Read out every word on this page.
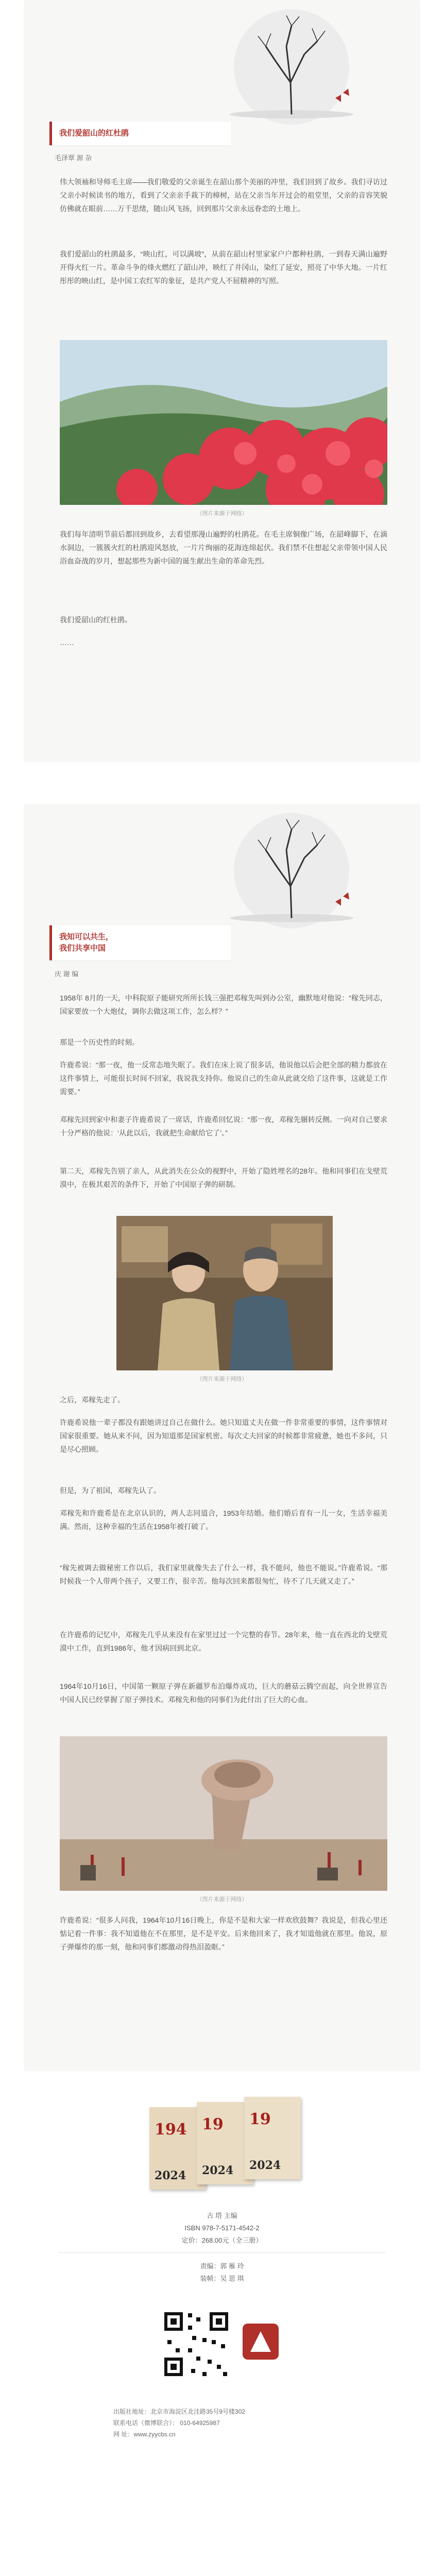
我们爱韶山的红杜鹃
毛泽覃 源 杂

伟大领袖和导师毛主席——我们敬爱的父亲诞生在韶山那个美丽的冲里，我们回到了故乡。我们寻访过父亲小时候读书的地方，看到了父亲亲手栽下的樟树，站在父亲当年开过会的祖堂里，父亲的音容笑貌仿佛就在眼前……万千思绪，随山风飞扬，回到那片父亲永远眷恋的土地上。

我们爱韶山的杜鹃最多，“映山红，可以满坡”，从前在韶山村里家家户户都种杜鹃，一到春天满山遍野开得火红一片。革命斗争的烽火燃红了韶山冲，映红了井冈山，染红了延安，照亮了中华大地。一片红彤彤的映山红，是中国工农红军的象征，是共产党人不屈精神的写照。

（图片来源于网络）

我们每年清明节前后都回到故乡，去看望那漫山遍野的杜鹃花。在毛主席铜像广场，在韶峰脚下，在滴水洞边，一簇簇火红的杜鹃迎风怒放，一片片绚丽的花海连绵起伏。我们禁不住想起父亲带领中国人民浴血奋战的岁月，想起那些为新中国的诞生献出生命的革命先烈。

我们爱韶山的红杜鹃。

……

我知可以共生，
我们共享中国
庆 谢 编

1958年 8月的一天，中科院原子能研究所所长钱三强把邓稼先叫到办公室，幽默地对他说：“稼先同志，国家要放一个大炮仗，调你去做这项工作，怎么样？”

那是一个历史性的时刻。

许鹿希说：“那一夜，他一反常态地失眠了。我们在床上说了很多话，他说他以后会把全部的精力都放在这件事情上，可能很长时间不回家，我说我支持你。他说自己的生命从此就交给了这件事，这就是工作需要。”

邓稼先回到家中和妻子许鹿希说了一席话，许鹿希回忆说：“那一夜，邓稼先辗转反侧。一向对自己要求十分严格的他说：‘从此以后，我就把生命献给它了’。”

第二天，邓稼先告别了亲人，从此消失在公众的视野中，开始了隐姓埋名的28年。他和同事们在戈壁荒漠中，在极其艰苦的条件下，开始了中国原子弹的研制。

（图片来源于网络）

之后，邓稼先走了。

许鹿希说他一辈子都没有跟她讲过自己在做什么。她只知道丈夫在做一件非常重要的事情，这件事情对国家很重要。她从来不问，因为知道那是国家机密。每次丈夫回家的时候都非常疲惫，她也不多问，只是尽心照顾。

但是，为了祖国，邓稼先认了。

邓稼先和许鹿希是在北京认识的，两人志同道合，1953年结婚。他们婚后育有一儿一女，生活幸福美满。然而，这种幸福的生活在1958年被打破了。

“稼先被调去做秘密工作以后，我们家里就像失去了什么一样，我不能问，他也不能说。”许鹿希说。“那时候我一个人带两个孩子，又要工作，很辛苦。他每次回来都很匆忙，待不了几天就又走了。”

在许鹿希的记忆中，邓稼先几乎从来没有在家里过过一个完整的春节。28年来，他一直在西北的戈壁荒漠中工作，直到1986年，他才因病回到北京。

1964年10月16日，中国第一颗原子弹在新疆罗布泊爆炸成功，巨大的蘑菇云腾空而起，向全世界宣告中国人民已经掌握了原子弹技术。邓稼先和他的同事们为此付出了巨大的心血。

（图片来源于网络）

许鹿希说：“很多人问我，1964年10月16日晚上，你是不是和大家一样欢欣鼓舞？我说是，但我心里还惦记着一件事：我不知道他在不在那里，是不是平安。后来他回来了，我才知道他就在那里。他说，原子弹爆炸的那一刻，他和同事们都激动得热泪盈眶。”

194
2024
19
2024
19
2024
古 塔 主编
ISBN 978-7-5171-4542-2
定价：268.00元（全三册）
责编：郭 雁 玲
装帧：吴 思 琪
出版社地址：北京市海淀区北洼路35号9号楼302
联系电话（微博联合）： 010-64925987
网 址：www.zyycbs.cn
